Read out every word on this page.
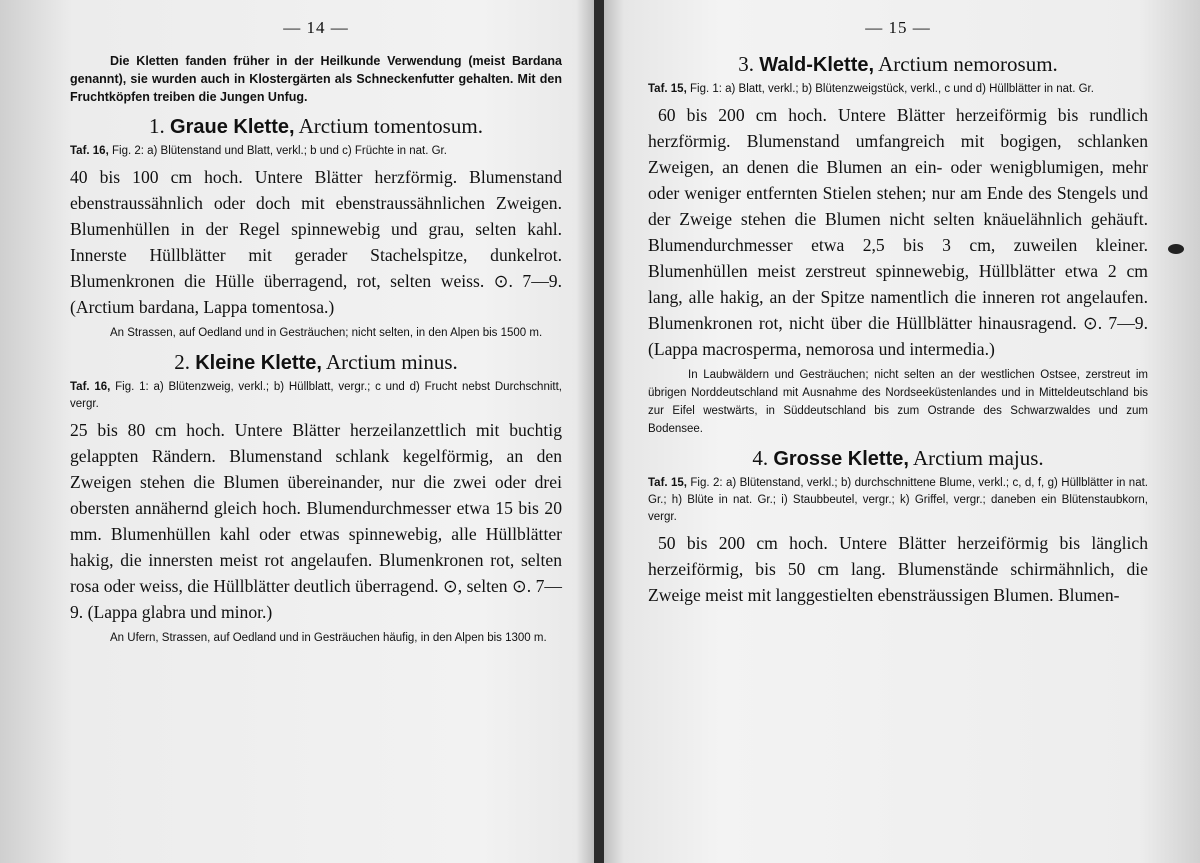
— 14 —

Die Kletten fanden früher in der Heilkunde Verwendung (meist Bardana genannt), sie wurden auch in Klostergärten als Schneckenfutter gehalten. Mit den Fruchtköpfen treiben die Jungen Unfug.

1. Graue Klette, Arctium tomentosum.

Taf. 16, Fig. 2: a) Blütenstand und Blatt, verkl.; b und c) Früchte in nat. Gr.

40 bis 100 cm hoch. Untere Blätter herzförmig. Blumenstand ebenstraussähnlich oder doch mit ebenstraussähnlichen Zweigen. Blumenhüllen in der Regel spinnewebig und grau, selten kahl. Innerste Hüllblätter mit gerader Stachelspitze, dunkelrot. Blumenkronen die Hülle überragend, rot, selten weiss. ⊙. 7—9. (Arctium bardana, Lappa tomentosa.)

An Strassen, auf Oedland und in Gesträuchen; nicht selten, in den Alpen bis 1500 m.

2. Kleine Klette, Arctium minus.

Taf. 16, Fig. 1: a) Blütenzweig, verkl.; b) Hüllblatt, vergr.; c und d) Frucht nebst Durchschnitt, vergr.

25 bis 80 cm hoch. Untere Blätter herzeilanzettlich mit buchtig gelappten Rändern. Blumenstand schlank kegelförmig, an den Zweigen stehen die Blumen übereinander, nur die zwei oder drei obersten annähernd gleich hoch. Blumendurchmesser etwa 15 bis 20 mm. Blumenhüllen kahl oder etwas spinnewebig, alle Hüllblätter hakig, die innersten meist rot angelaufen. Blumenkronen rot, selten rosa oder weiss, die Hüllblätter deutlich überragend. ⊙, selten ⊙. 7—9. (Lappa glabra und minor.)

An Ufern, Strassen, auf Oedland und in Gesträuchen häufig, in den Alpen bis 1300 m.

— 15 —
3. Wald-Klette, Arctium nemorosum.

Taf. 15, Fig. 1: a) Blatt, verkl.; b) Blütenzweigstück, verkl., c und d) Hüllblätter in nat. Gr.

60 bis 200 cm hoch. Untere Blätter herzeiförmig bis rundlich herzförmig. Blumenstand umfangreich mit bogigen, schlanken Zweigen, an denen die Blumen an ein- oder wenigblumigen, mehr oder weniger entfernten Stielen stehen; nur am Ende des Stengels und der Zweige stehen die Blumen nicht selten knäuelähnlich gehäuft. Blumendurchmesser etwa 2,5 bis 3 cm, zuweilen kleiner. Blumenhüllen meist zerstreut spinnewebig, Hüllblätter etwa 2 cm lang, alle hakig, an der Spitze namentlich die inneren rot angelaufen. Blumenkronen rot, nicht über die Hüllblätter hinausragend. ⊙. 7—9. (Lappa macrosperma, nemorosa und intermedia.)

In Laubwäldern und Gesträuchen; nicht selten an der westlichen Ostsee, zerstreut im übrigen Norddeutschland mit Ausnahme des Nordseeküstenlandes und in Mitteldeutschland bis zur Eifel westwärts, in Süddeutschland bis zum Ostrande des Schwarzwaldes und zum Bodensee.

4. Grosse Klette, Arctium majus.

Taf. 15, Fig. 2: a) Blütenstand, verkl.; b) durchschnittene Blume, verkl.; c, d, f, g) Hüllblätter in nat. Gr.; h) Blüte in nat. Gr.; i) Staubbeutel, vergr.; k) Griffel, vergr.; daneben ein Blütenstaubkorn, vergr.

50 bis 200 cm hoch. Untere Blätter herzeiförmig bis länglich herzeiförmig, bis 50 cm lang. Blumenstände schirmähnlich, die Zweige meist mit langgestielten ebensträussigen Blumen. Blumen-
